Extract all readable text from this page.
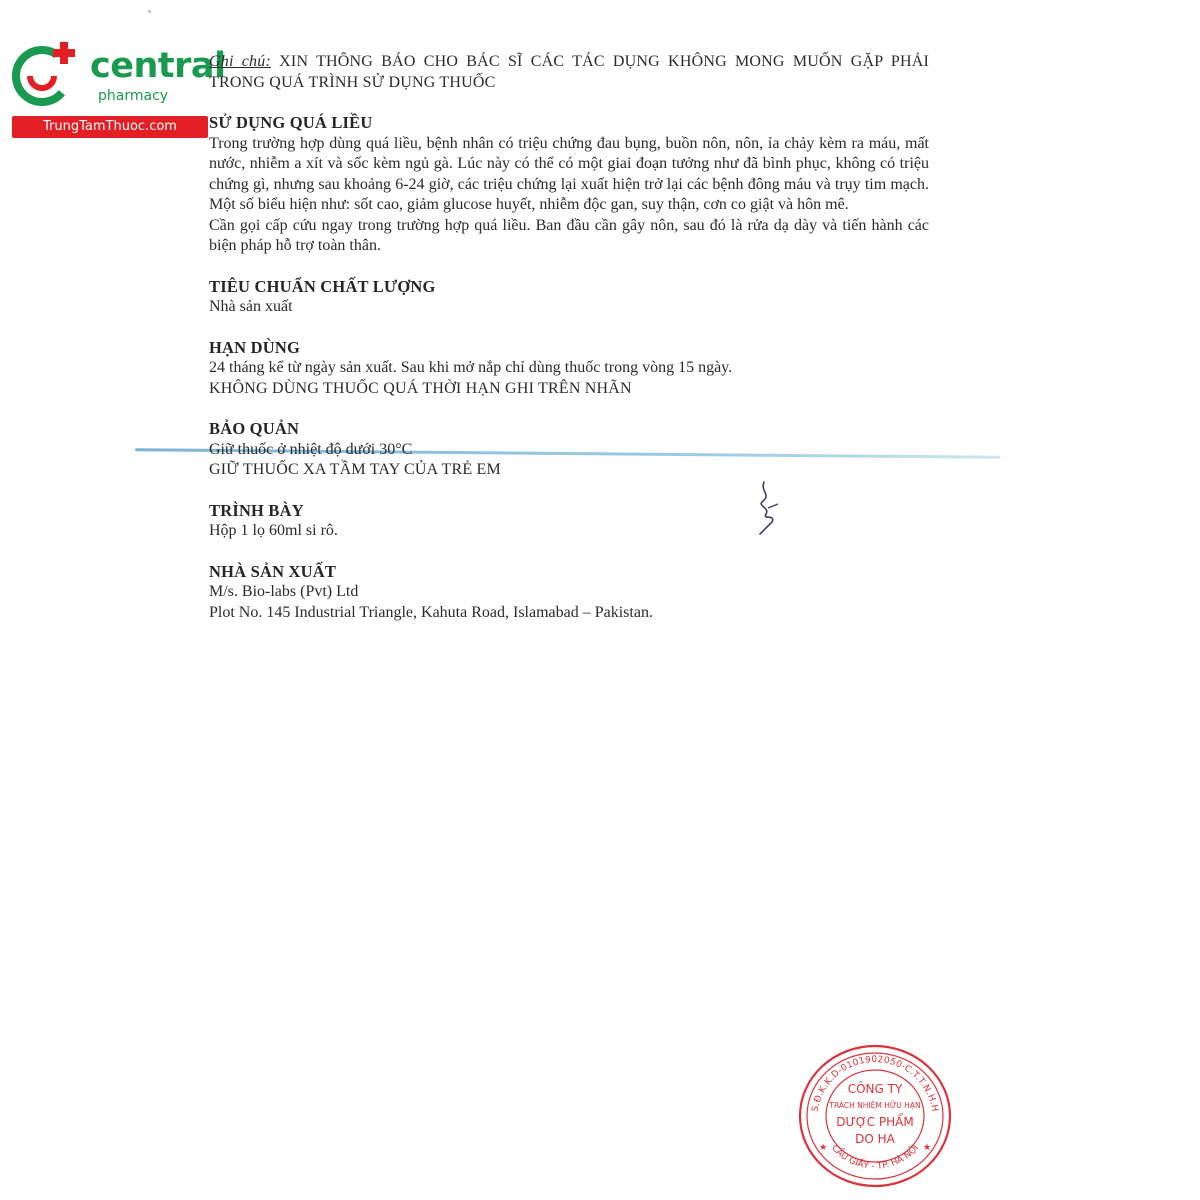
central
pharmacy
TrungTamThuoc.com

Ghi chú: XIN THÔNG BÁO CHO BÁC SĨ CÁC TÁC DỤNG KHÔNG MONG MUỐN GẶP PHẢI TRONG QUÁ TRÌNH SỬ DỤNG THUỐC

SỬ DỤNG QUÁ LIỀU

Trong trường hợp dùng quá liều, bệnh nhân có triệu chứng đau bụng, buồn nôn, nôn, ỉa chảy kèm ra máu, mất nước, nhiễm a xít và sốc kèm ngủ gà. Lúc này có thể có một giai đoạn tưởng như đã bình phục, không có triệu chứng gì, nhưng sau khoảng 6-24 giờ, các triệu chứng lại xuất hiện trở lại các bệnh đông máu và trụy tim mạch. Một số biểu hiện như: sốt cao, giảm glucose huyết, nhiễm độc gan, suy thận, cơn co giật và hôn mê.

Cần gọi cấp cứu ngay trong trường hợp quá liều. Ban đầu cần gây nôn, sau đó là rửa dạ dày và tiến hành các biện pháp hỗ trợ toàn thân.

TIÊU CHUẨN CHẤT LƯỢNG

Nhà sản xuất

HẠN DÙNG

24 tháng kể từ ngày sản xuất. Sau khi mở nắp chỉ dùng thuốc trong vòng 15 ngày.

KHÔNG DÙNG THUỐC QUÁ THỜI HẠN GHI TRÊN NHÃN

BẢO QUẢN

Giữ thuốc ở nhiệt độ dưới 30°C

GIỮ THUỐC XA TẦM TAY CỦA TRẺ EM

TRÌNH BÀY

Hộp 1 lọ 60ml si rô.

NHÀ SẢN XUẤT

M/s. Bio-labs (Pvt) Ltd

Plot No. 145 Industrial Triangle, Kahuta Road, Islamabad – Pakistan.

S.Đ.K.K.D-0101902050-C.T.T.N.H.H
CẦU GIẤY - TP. HÀ NỘI
CÔNG TY
TRÁCH NHIỆM HỮU HẠN
DƯỢC PHẨM
DO HA
★	★
